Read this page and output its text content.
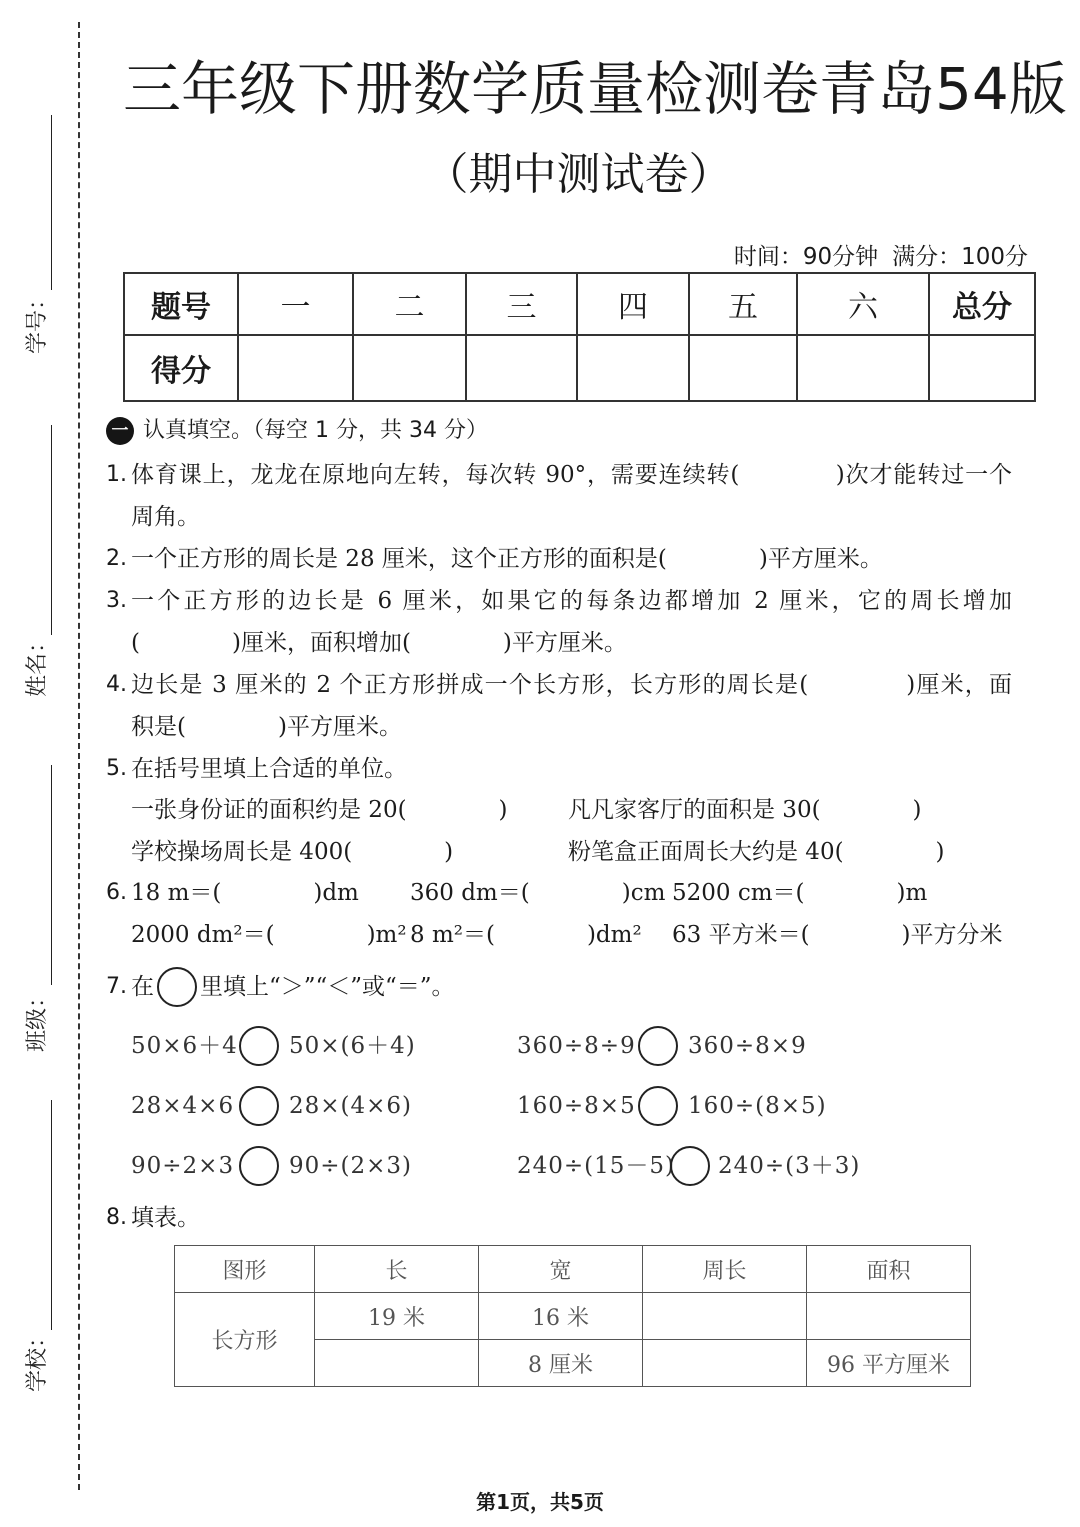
学号：
姓名：
班级：
学校：
三年级下册数学质量检测卷青岛54版
（期中测试卷）
时间：90分钟 满分：100分
题号	一	二	三	四	五	六	总分
得分							
一 认真填空。（每空 1 分，共 34 分）
1. 体育课上，龙龙在原地向左转，每次转 90°，需要连续转(　　　　)次才能转过一个
周角。
2. 一个正方形的周长是 28 厘米，这个正方形的面积是(　　　　)平方厘米。
3. 一个正方形的边长是 6 厘米，如果它的每条边都增加 2 厘米，它的周长增加
(　　　　)厘米，面积增加(　　　　)平方厘米。
4. 边长是 3 厘米的 2 个正方形拼成一个长方形，长方形的周长是(　　　　)厘米，面
积是(　　　　)平方厘米。
5. 在括号里填上合适的单位。
一张身份证的面积约是 20(　　　　)	凡凡家客厅的面积是 30(　　　　)
学校操场周长是 400(　　　　)	粉笔盒正面周长大约是 40(　　　　)
6. 18 m＝(　　　　)dm 360 dm＝(　　　　)cm 5200 cm＝(　　　　)m
2000 dm²＝(　　　　)m² 8 m²＝(　　　　)dm² 63 平方米＝(　　　　)平方分米
7. 在 里填上“＞”“＜”或“＝”。
50×6＋4 50×(6＋4)	360÷8÷9 360÷8×9
28×4×6 28×(4×6)	160÷8×5 160÷(8×5)
90÷2×3 90÷(2×3)	240÷(15－5) 240÷(3＋3)
8. 填表。
图形	长	宽	周长	面积
长方形	19 米	16 米		
		8 厘米		96 平方厘米
第1页，共5页
